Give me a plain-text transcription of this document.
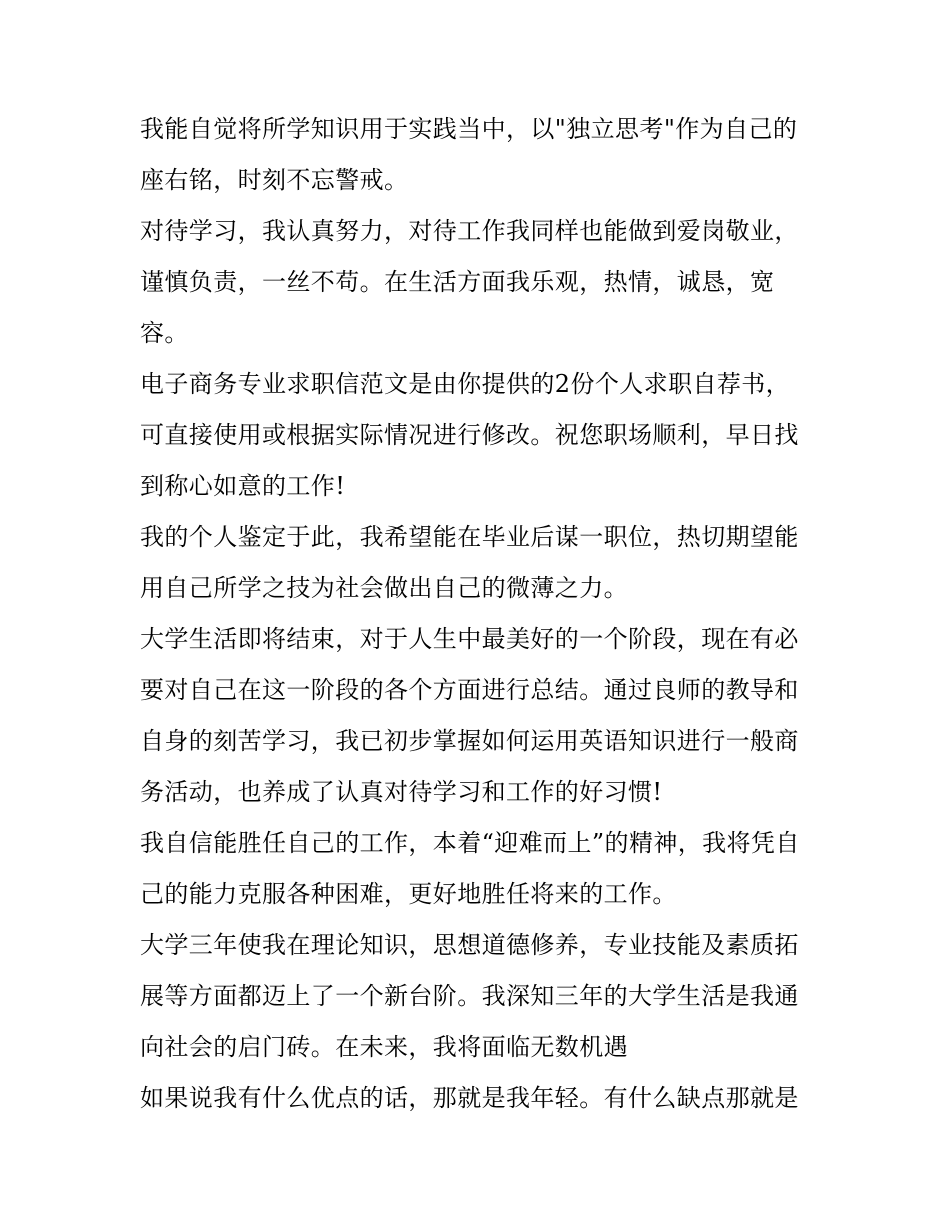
我能自觉将所学知识用于实践当中，以"独立思考"作为自己的
座右铭，时刻不忘警戒。
对待学习，我认真努力，对待工作我同样也能做到爱岗敬业，
谨慎负责，一丝不苟。在生活方面我乐观，热情，诚恳，宽
容。
电子商务专业求职信范文是由你提供的2份个人求职自荐书，
可直接使用或根据实际情况进行修改。祝您职场顺利，早日找
到称心如意的工作!
我的个人鉴定于此，我希望能在毕业后谋一职位，热切期望能
用自己所学之技为社会做出自己的微薄之力。
大学生活即将结束，对于人生中最美好的一个阶段，现在有必
要对自己在这一阶段的各个方面进行总结。通过良师的教导和
自身的刻苦学习，我已初步掌握如何运用英语知识进行一般商
务活动，也养成了认真对待学习和工作的好习惯!
我自信能胜任自己的工作，本着“迎难而上”的精神，我将凭自
己的能力克服各种困难，更好地胜任将来的工作。
大学三年使我在理论知识，思想道德修养，专业技能及素质拓
展等方面都迈上了一个新台阶。我深知三年的大学生活是我通
向社会的启门砖。在未来，我将面临无数机遇
如果说我有什么优点的话，那就是我年轻。有什么缺点那就是
